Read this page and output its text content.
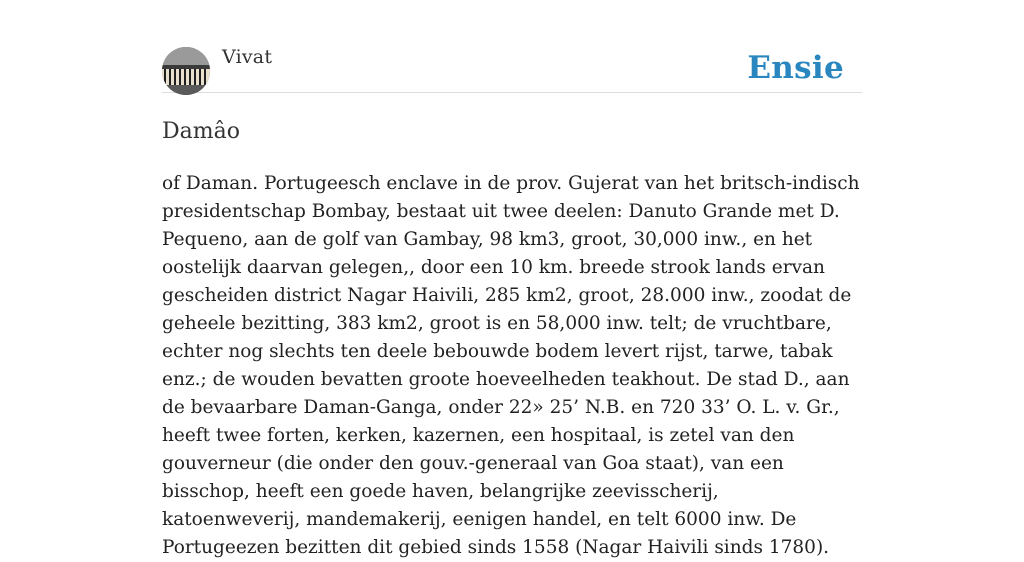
Vivat	Ensie
Damâo

of Daman. Portugeesch enclave in de prov. Gujerat van het britsch-indisch presidentschap Bombay, bestaat uit twee deelen: Danuto Grande met D. Pequeno, aan de golf van Gambay, 98 km3, groot, 30,000 inw., en het oostelijk daarvan gelegen,, door een 10 km. breede strook lands ervan gescheiden district Nagar Haivili, 285 km2, groot, 28.000 inw., zoodat de geheele bezitting, 383 km2, groot is en 58,000 inw. telt; de vruchtbare, echter nog slechts ten deele bebouwde bodem levert rijst, tarwe, tabak enz.; de wouden bevatten groote hoeveelheden teakhout. De stad D., aan de bevaarbare Daman-Ganga, onder 22» 25’ N.B. en 720 33’ O. L. v. Gr., heeft twee forten, kerken, kazernen, een hospitaal, is zetel van den gouverneur (die onder den gouv.-generaal van Goa staat), van een bisschop, heeft een goede haven, belangrijke zeevisscherij, katoenweverij, mandemakerij, eenigen handel, en telt 6000 inw. De Portugeezen bezitten dit gebied sinds 1558 (Nagar Haivili sinds 1780).
